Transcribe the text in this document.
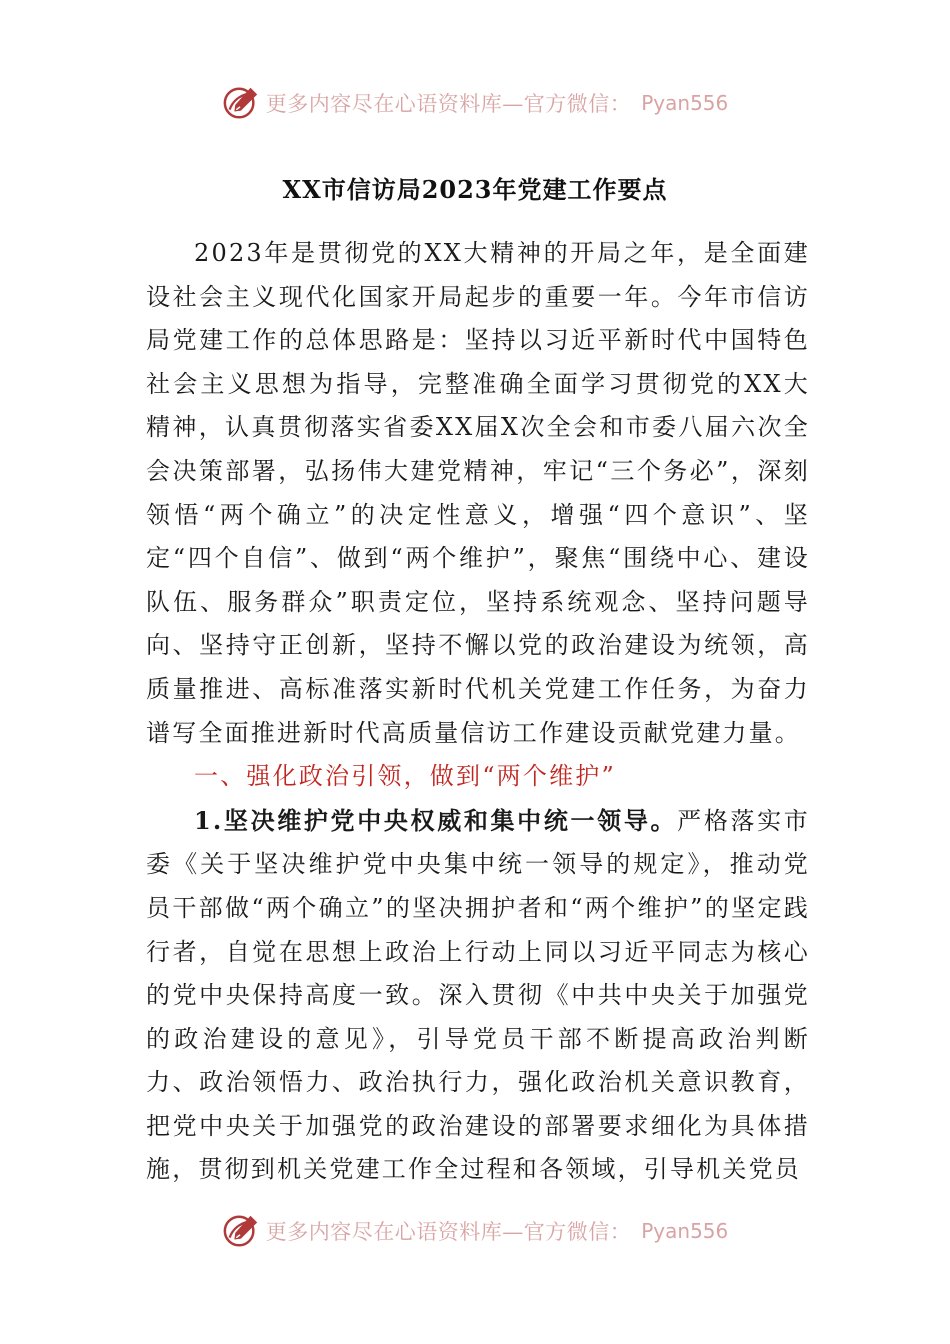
更多内容尽在心语资料库—官方微信： Pyan556
XX市信访局2023年党建工作要点

2023年是贯彻党的XX大精神的开局之年，是全面建设社会主义现代化国家开局起步的重要一年。今年市信访局党建工作的总体思路是：坚持以习近平新时代中国特色社会主义思想为指导，完整准确全面学习贯彻党的XX大精神，认真贯彻落实省委XX届X次全会和市委八届六次全会决策部署，弘扬伟大建党精神，牢记“三个务必”，深刻领悟“两个确立”的决定性意义，增强“四个意识”、坚定“四个自信”、做到“两个维护”，聚焦“围绕中心、建设队伍、服务群众”职责定位，坚持系统观念、坚持问题导向、坚持守正创新，坚持不懈以党的政治建设为统领，高质量推进、高标准落实新时代机关党建工作任务，为奋力谱写全面推进新时代高质量信访工作建设贡献党建力量。

一、强化政治引领，做到“两个维护”

1.坚决维护党中央权威和集中统一领导。严格落实市委《关于坚决维护党中央集中统一领导的规定》，推动党员干部做“两个确立”的坚决拥护者和“两个维护”的坚定践行者，自觉在思想上政治上行动上同以习近平同志为核心的党中央保持高度一致。深入贯彻《中共中央关于加强党的政治建设的意见》，引导党员干部不断提高政治判断力、政治领悟力、政治执行力，强化政治机关意识教育，把党中央关于加强党的政治建设的部署要求细化为具体措施，贯彻到机关党建工作全过程和各领域，引导机关党员

更多内容尽在心语资料库—官方微信： Pyan556
